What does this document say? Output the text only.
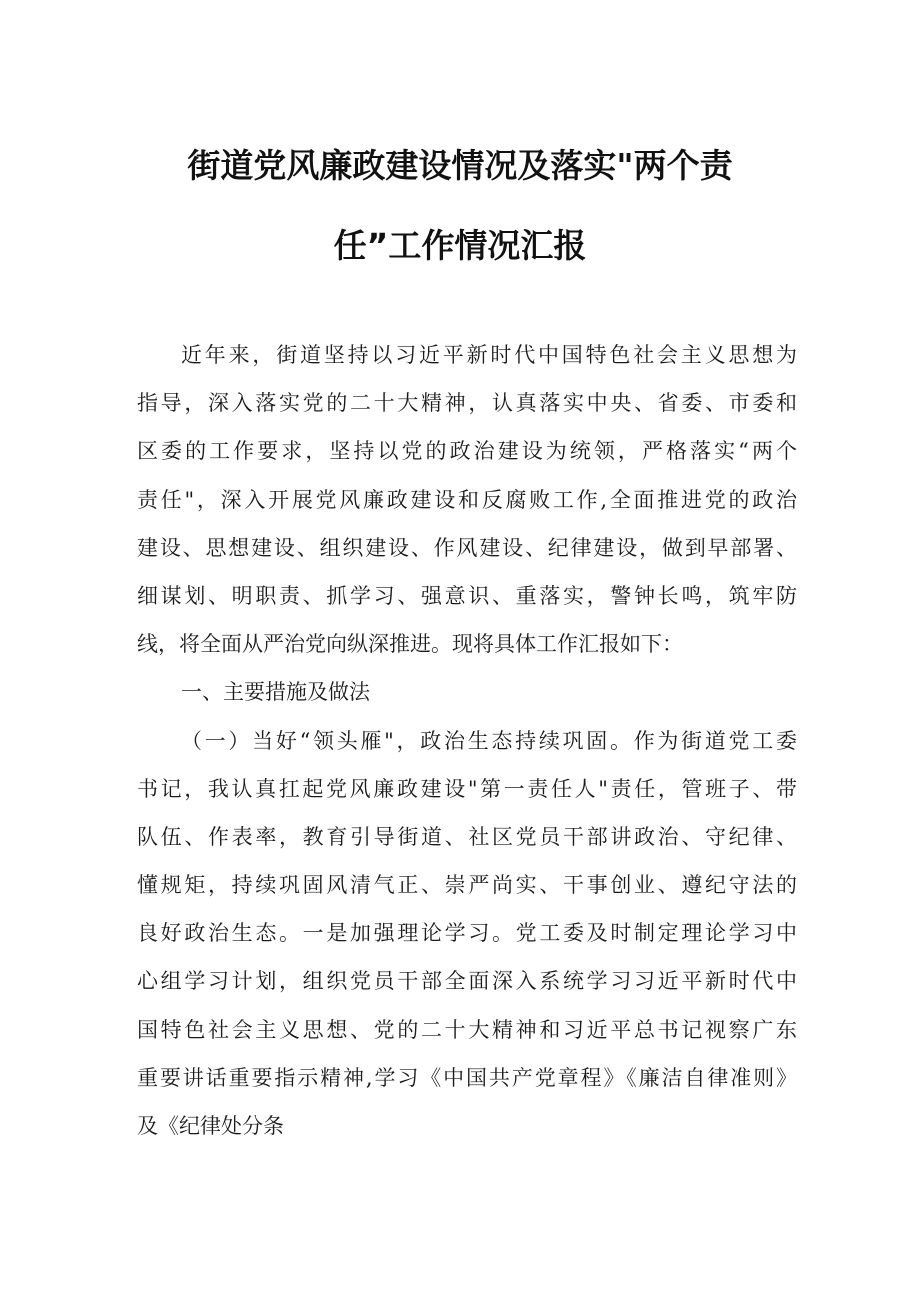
街道党风廉政建设情况及落实"两个责
任”工作情况汇报
近年来，街道坚持以习近平新时代中国特色社会主义思想为
指导，深入落实党的二十大精神，认真落实中央、省委、市委和
区委的工作要求，坚持以党的政治建设为统领，严格落实“两个
责任"，深入开展党风廉政建设和反腐败工作,全面推进党的政治
建设、思想建设、组织建设、作风建设、纪律建设，做到早部署、
细谋划、明职责、抓学习、强意识、重落实，警钟长鸣，筑牢防
线，将全面从严治党向纵深推进。现将具体工作汇报如下：
一、主要措施及做法
（一）当好“领头雁"，政治生态持续巩固。作为街道党工委
书记，我认真扛起党风廉政建设"第一责任人"责任，管班子、带
队伍、作表率，教育引导街道、社区党员干部讲政治、守纪律、
懂规矩，持续巩固风清气正、崇严尚实、干事创业、遵纪守法的
良好政治生态。一是加强理论学习。党工委及时制定理论学习中
心组学习计划，组织党员干部全面深入系统学习习近平新时代中
国特色社会主义思想、党的二十大精神和习近平总书记视察广东
重要讲话重要指示精神,学习《中国共产党章程》《廉洁自律准则》
及《纪律处分条
